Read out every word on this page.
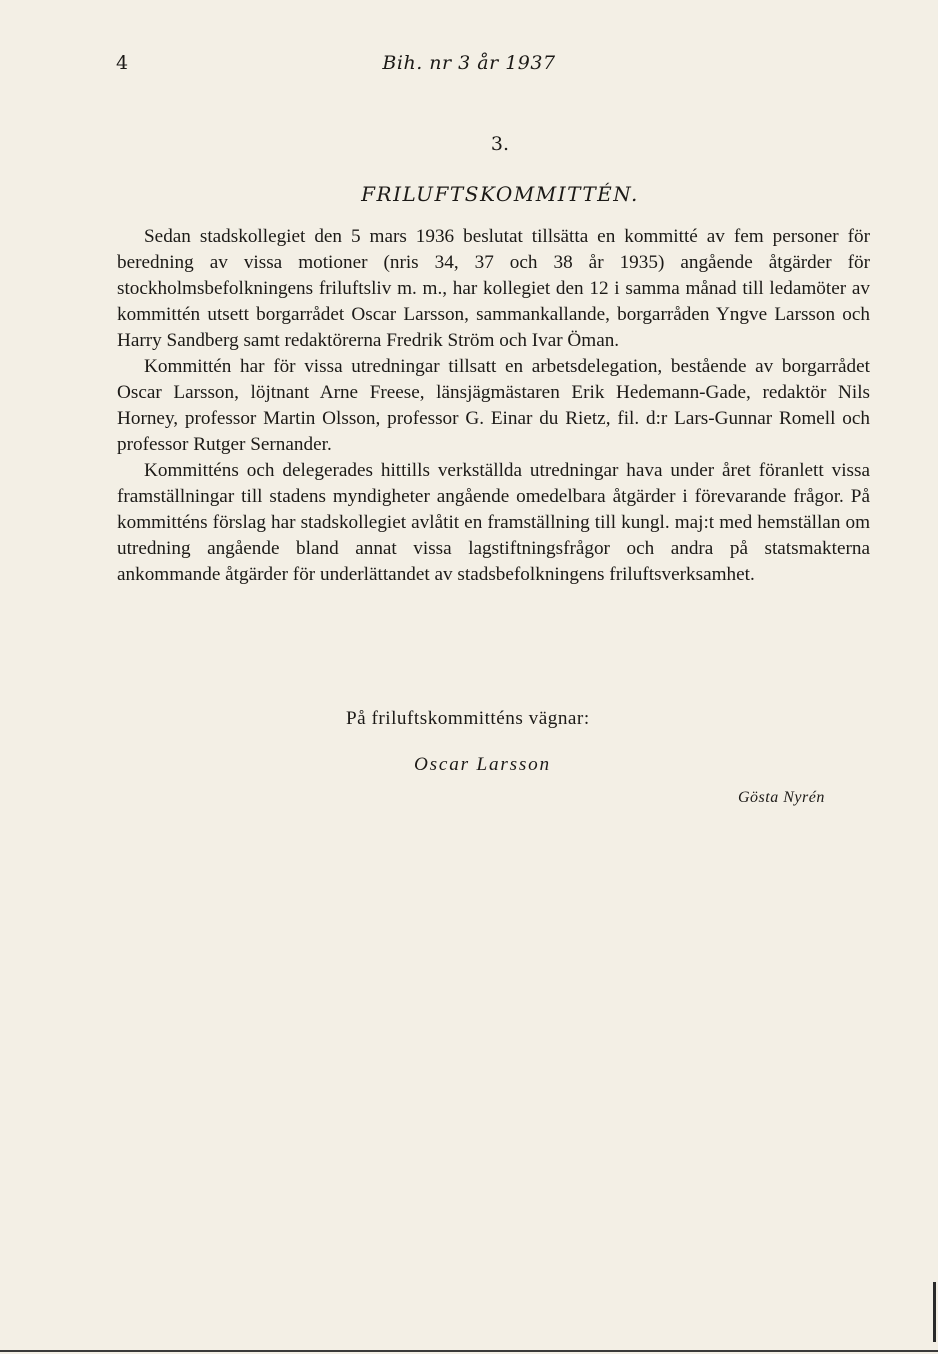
4	Bih. nr 3 år 1937
3.
FRILUFTSKOMMITTÉN.

Sedan stadskollegiet den 5 mars 1936 beslutat tillsätta en kommitté av fem personer för beredning av vissa motioner (nris 34, 37 och 38 år 1935) angående åtgärder för stockholmsbefolkningens friluftsliv m. m., har kollegiet den 12 i samma månad till ledamöter av kommittén utsett borgarrådet Oscar Larsson, sammankallande, borgarråden Yngve Larsson och Harry Sandberg samt redaktörerna Fredrik Ström och Ivar Öman.

Kommittén har för vissa utredningar tillsatt en arbetsdelegation, bestående av borgarrådet Oscar Larsson, löjtnant Arne Freese, länsjägmästaren Erik Hedemann-Gade, redaktör Nils Horney, professor Martin Olsson, professor G. Einar du Rietz, fil. d:r Lars-Gunnar Romell och professor Rutger Sernander.

Kommitténs och delegerades hittills verkställda utredningar hava under året föranlett vissa framställningar till stadens myndigheter angående omedelbara åtgärder i förevarande frågor. På kommitténs förslag har stadskollegiet avlåtit en framställning till kungl. maj:t med hemställan om utredning angående bland annat vissa lagstiftningsfrågor och andra på statsmakterna ankommande åtgärder för underlättandet av stadsbefolkningens friluftsverksamhet.

På friluftskommitténs vägnar:
Oscar Larsson
Gösta Nyrén
